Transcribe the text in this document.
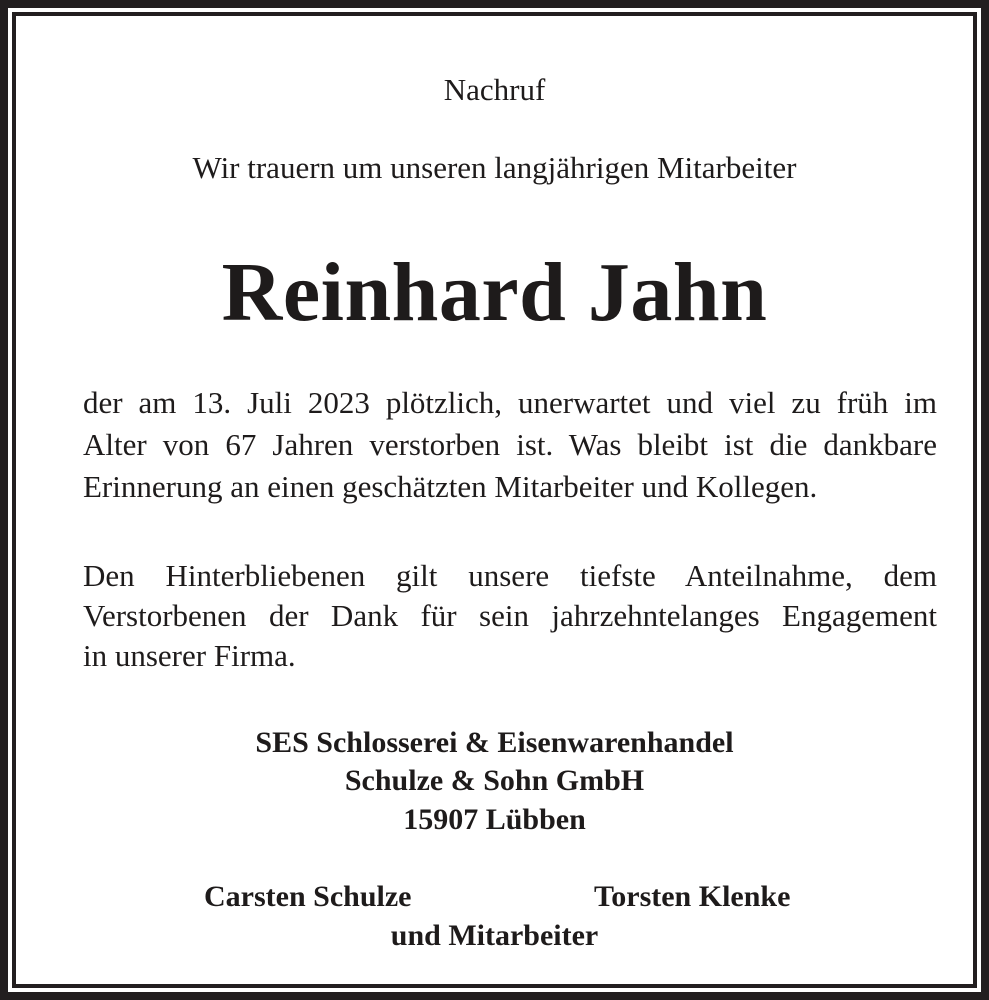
Nachruf
Wir trauern um unseren langjährigen Mitarbeiter
Reinhard Jahn
der am 13. Juli 2023 plötzlich, unerwartet und viel zu früh im
Alter von 67 Jahren verstorben ist. Was bleibt ist die dankbare
Erinnerung an einen geschätzten Mitarbeiter und Kollegen.
Den Hinterbliebenen gilt unsere tiefste Anteilnahme, dem
Verstorbenen der Dank für sein jahrzehntelanges Engagement
in unserer Firma.
SES Schlosserei & Eisenwarenhandel
Schulze & Sohn GmbH
15907 Lübben
Carsten Schulze	Torsten Klenke
und Mitarbeiter
